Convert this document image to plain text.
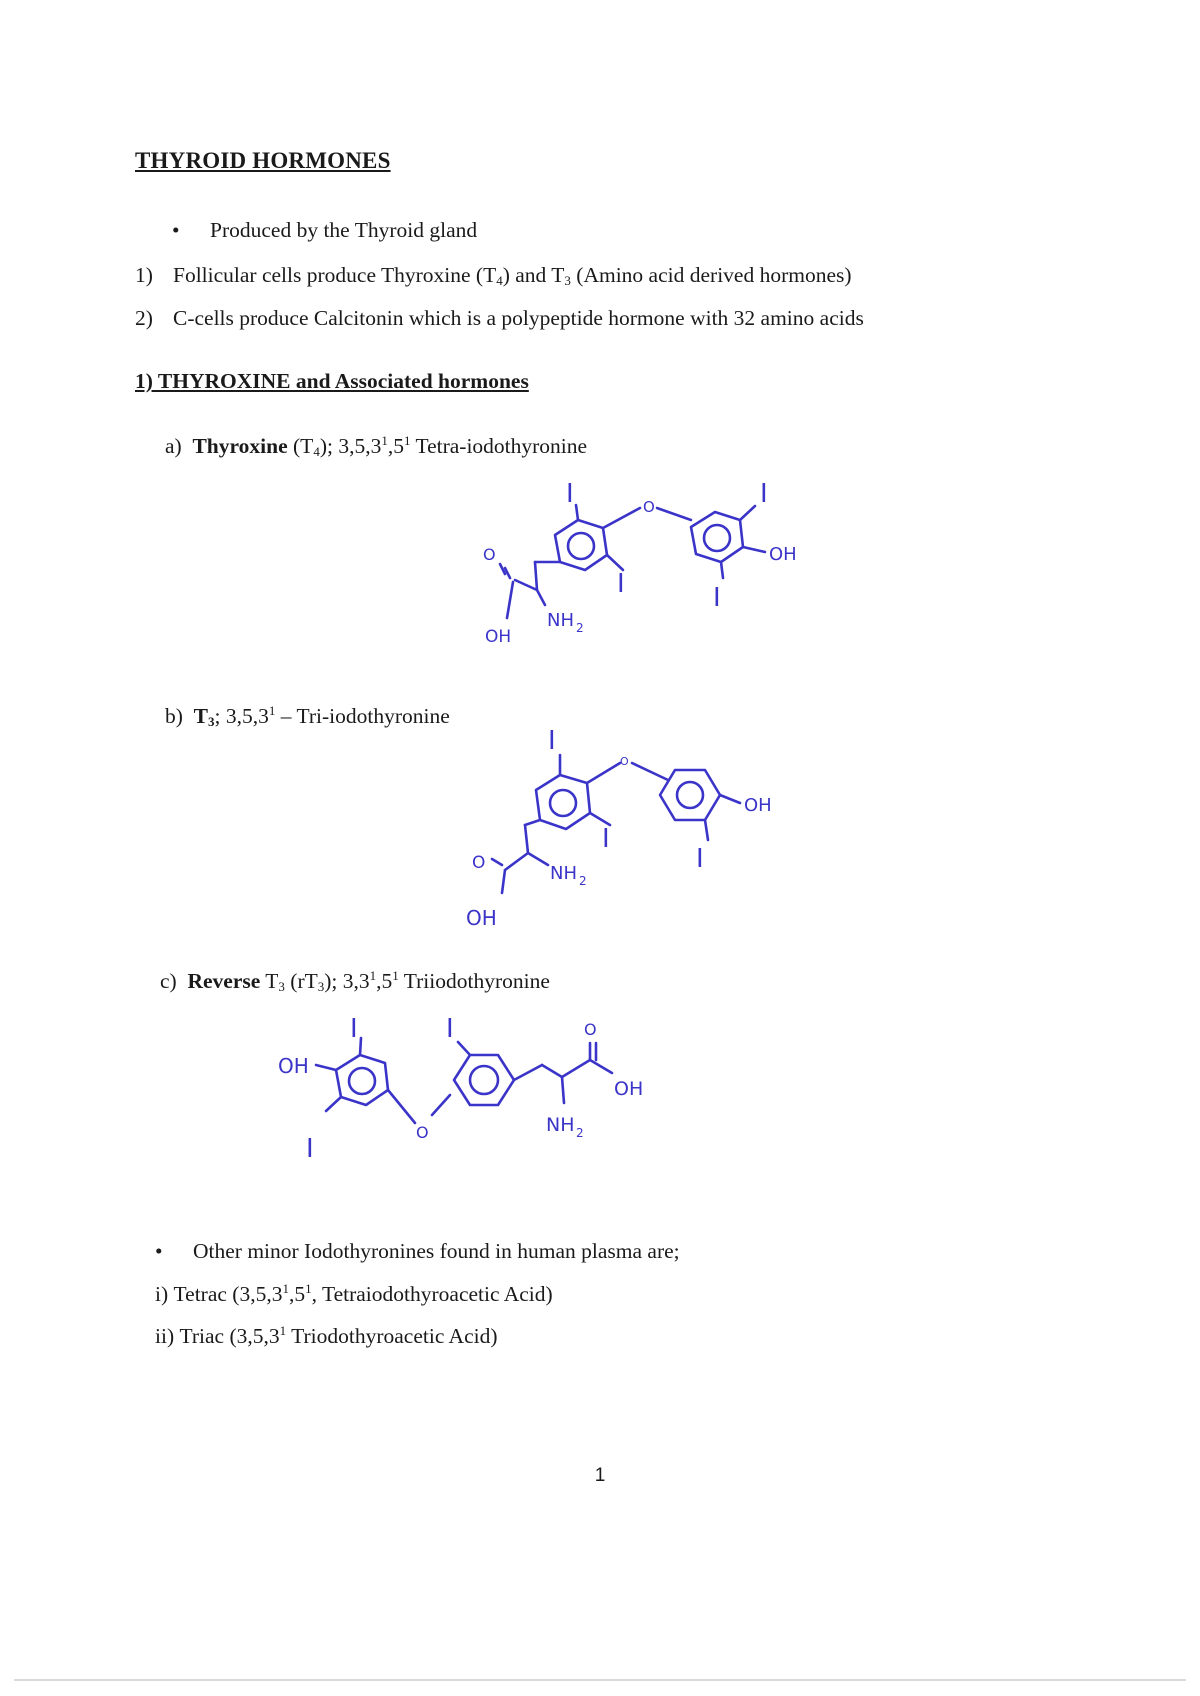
THYROID HORMONES
• Produced by the Thyroid gland
1) Follicular cells produce Thyroxine $(T_4)$ and $T_3$ (Amino acid derived hormones)
2) C-cells produce Calcitonin which is a polypeptide hormone with 32 amino acids
1) THYROXINE and Associated hormones
a) Thyroxine $(T_4)$; $3,5,3^1,5^1$ Tetra-iodothyronine
I	O
I
I
OH
I
NH 2
O
OH
b) $T_3$; 3,5,3$^1$ – Tri-iodothyronine
I
O
I
OH
I
NH 2
O
OH
c) Reverse $T_3$ $(rT_3)$; $3,3^1,5^1$ Triiodothyronine
I
OH
I
O
I	O
OH
NH 2
• Other minor Iodothyronines found in human plasma are;
i) Tetrac ($3,5,3^1,5^1$, Tetraiodothyroacetic Acid)
ii) Triac (3,5,3$^1$ Triodothyroacetic Acid)
1
